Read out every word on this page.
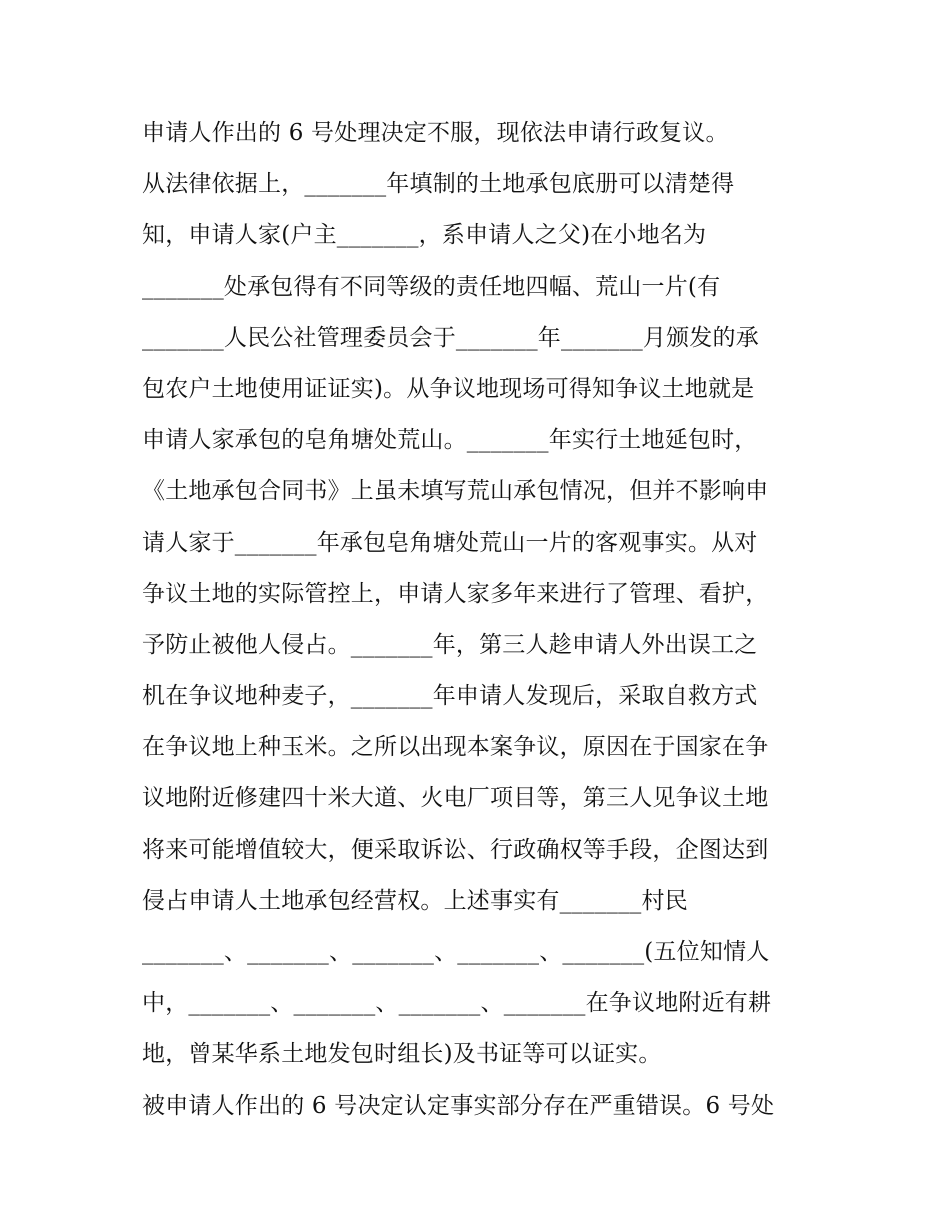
申请人作出的 6 号处理决定不服，现依法申请行政复议。
从法律依据上，_______年填制的土地承包底册可以清楚得
知，申请人家(户主_______，系申请人之父)在小地名为
_______处承包得有不同等级的责任地四幅、荒山一片(有
_______人民公社管理委员会于_______年_______月颁发的承
包农户土地使用证证实)。从争议地现场可得知争议土地就是
申请人家承包的皂角塘处荒山。_______年实行土地延包时，
《土地承包合同书》上虽未填写荒山承包情况，但并不影响申
请人家于_______年承包皂角塘处荒山一片的客观事实。从对
争议土地的实际管控上，申请人家多年来进行了管理、看护，
予防止被他人侵占。_______年，第三人趁申请人外出误工之
机在争议地种麦子，_______年申请人发现后，采取自救方式
在争议地上种玉米。之所以出现本案争议，原因在于国家在争
议地附近修建四十米大道、火电厂项目等，第三人见争议土地
将来可能增值较大，便采取诉讼、行政确权等手段，企图达到
侵占申请人土地承包经营权。上述事实有_______村民
_______、_______、_______、_______、_______(五位知情人
中，_______、_______、_______、_______在争议地附近有耕
地，曾某华系土地发包时组长)及书证等可以证实。
被申请人作出的 6 号决定认定事实部分存在严重错误。6 号处
